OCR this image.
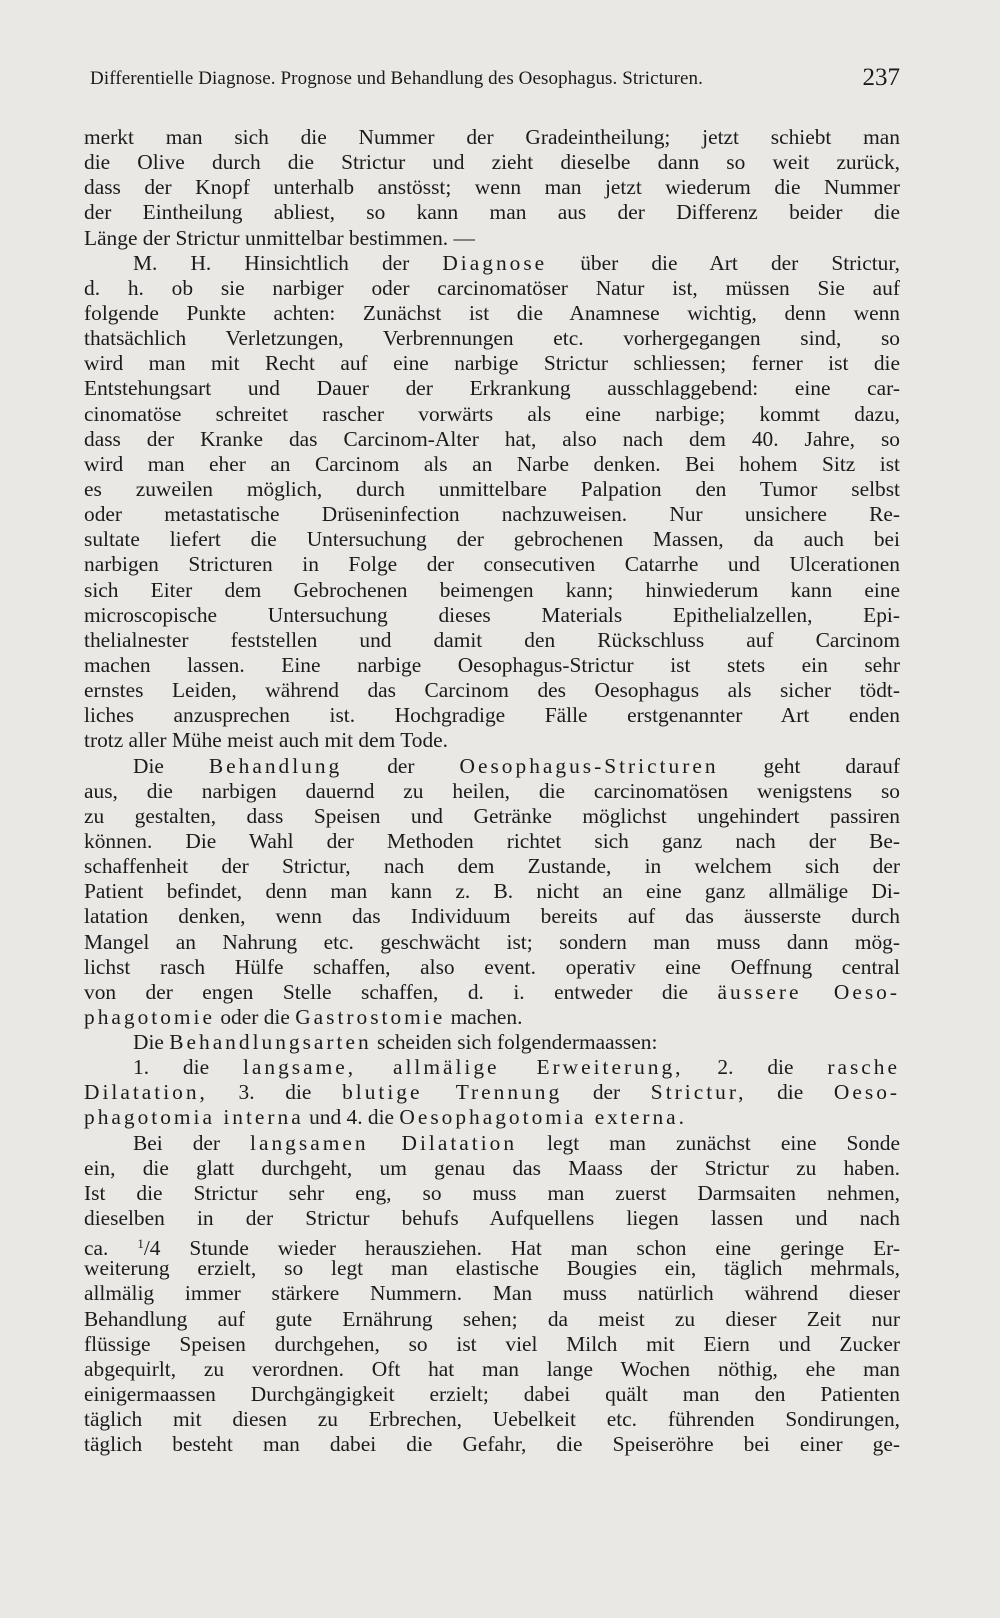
Differentielle Diagnose. Prognose und Behandlung des Oesophagus. Stricturen.	237
merkt man sich die Nummer der Gradeintheilung; jetzt schiebt man
die Olive durch die Strictur und zieht dieselbe dann so weit zurück,
dass der Knopf unterhalb anstösst; wenn man jetzt wiederum die Nummer
der Eintheilung abliest, so kann man aus der Differenz beider die
Länge der Strictur unmittelbar bestimmen. —
M. H. Hinsichtlich der Diagnose über die Art der Strictur,
d. h. ob sie narbiger oder carcinomatöser Natur ist, müssen Sie auf
folgende Punkte achten: Zunächst ist die Anamnese wichtig, denn wenn
thatsächlich Verletzungen, Verbrennungen etc. vorhergegangen sind, so
wird man mit Recht auf eine narbige Strictur schliessen; ferner ist die
Entstehungsart und Dauer der Erkrankung ausschlaggebend: eine car-
cinomatöse schreitet rascher vorwärts als eine narbige; kommt dazu,
dass der Kranke das Carcinom-Alter hat, also nach dem 40. Jahre, so
wird man eher an Carcinom als an Narbe denken. Bei hohem Sitz ist
es zuweilen möglich, durch unmittelbare Palpation den Tumor selbst
oder metastatische Drüseninfection nachzuweisen. Nur unsichere Re-
sultate liefert die Untersuchung der gebrochenen Massen, da auch bei
narbigen Stricturen in Folge der consecutiven Catarrhe und Ulcerationen
sich Eiter dem Gebrochenen beimengen kann; hinwiederum kann eine
microscopische Untersuchung dieses Materials Epithelialzellen, Epi-
thelialnester feststellen und damit den Rückschluss auf Carcinom
machen lassen. Eine narbige Oesophagus-Strictur ist stets ein sehr
ernstes Leiden, während das Carcinom des Oesophagus als sicher tödt-
liches anzusprechen ist. Hochgradige Fälle erstgenannter Art enden
trotz aller Mühe meist auch mit dem Tode.
Die Behandlung der Oesophagus-Stricturen geht darauf
aus, die narbigen dauernd zu heilen, die carcinomatösen wenigstens so
zu gestalten, dass Speisen und Getränke möglichst ungehindert passiren
können. Die Wahl der Methoden richtet sich ganz nach der Be-
schaffenheit der Strictur, nach dem Zustande, in welchem sich der
Patient befindet, denn man kann z. B. nicht an eine ganz allmälige Di-
latation denken, wenn das Individuum bereits auf das äusserste durch
Mangel an Nahrung etc. geschwächt ist; sondern man muss dann mög-
lichst rasch Hülfe schaffen, also event. operativ eine Oeffnung central
von der engen Stelle schaffen, d. i. entweder die äussere Oeso-
phagotomie oder die Gastrostomie machen.
Die Behandlungsarten scheiden sich folgendermaassen:
1. die langsame, allmälige Erweiterung, 2. die rasche
Dilatation, 3. die blutige Trennung der Strictur, die Oeso-
phagotomia interna und 4. die Oesophagotomia externa.
Bei der langsamen Dilatation legt man zunächst eine Sonde
ein, die glatt durchgeht, um genau das Maass der Strictur zu haben.
Ist die Strictur sehr eng, so muss man zuerst Darmsaiten nehmen,
dieselben in der Strictur behufs Aufquellens liegen lassen und nach
ca. $^1$/4 Stunde wieder herausziehen. Hat man schon eine geringe Er-
weiterung erzielt, so legt man elastische Bougies ein, täglich mehrmals,
allmälig immer stärkere Nummern. Man muss natürlich während dieser
Behandlung auf gute Ernährung sehen; da meist zu dieser Zeit nur
flüssige Speisen durchgehen, so ist viel Milch mit Eiern und Zucker
abgequirlt, zu verordnen. Oft hat man lange Wochen nöthig, ehe man
einigermaassen Durchgängigkeit erzielt; dabei quält man den Patienten
täglich mit diesen zu Erbrechen, Uebelkeit etc. führenden Sondirungen,
täglich besteht man dabei die Gefahr, die Speiseröhre bei einer ge-
